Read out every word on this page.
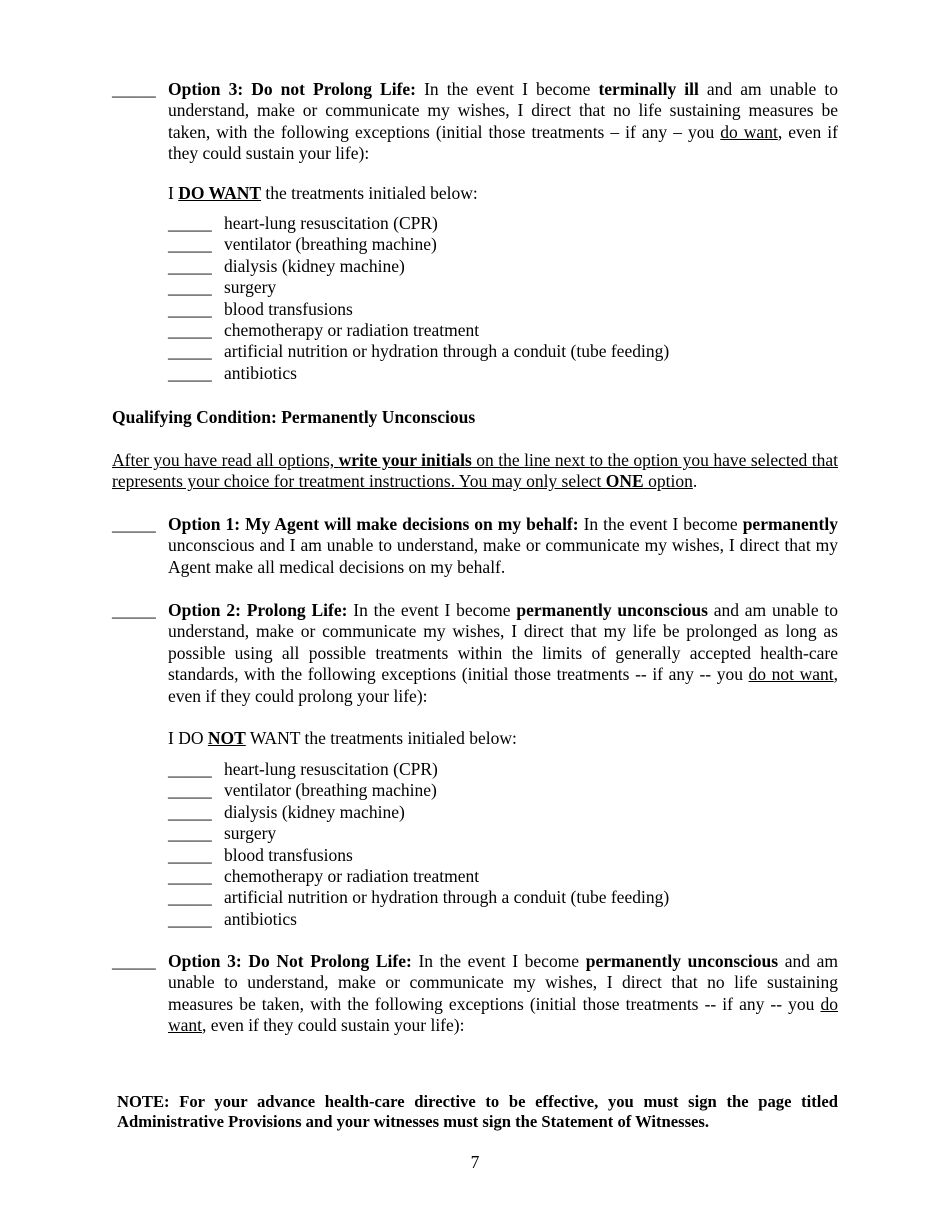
_____ Option 3: Do not Prolong Life: In the event I become terminally ill and am unable to understand, make or communicate my wishes, I direct that no life sustaining measures be taken, with the following exceptions (initial those treatments – if any – you do want, even if they could sustain your life):
I DO WANT the treatments initialed below:
_____ heart-lung resuscitation (CPR)
_____ ventilator (breathing machine)
_____ dialysis (kidney machine)
_____ surgery
_____ blood transfusions
_____ chemotherapy or radiation treatment
_____ artificial nutrition or hydration through a conduit (tube feeding)
_____ antibiotics
Qualifying Condition: Permanently Unconscious
After you have read all options, write your initials on the line next to the option you have selected that represents your choice for treatment instructions. You may only select ONE option.
_____ Option 1: My Agent will make decisions on my behalf: In the event I become permanently unconscious and I am unable to understand, make or communicate my wishes, I direct that my Agent make all medical decisions on my behalf.
_____ Option 2: Prolong Life: In the event I become permanently unconscious and am unable to understand, make or communicate my wishes, I direct that my life be prolonged as long as possible using all possible treatments within the limits of generally accepted health-care standards, with the following exceptions (initial those treatments -- if any -- you do not want, even if they could prolong your life):
I DO NOT WANT the treatments initialed below:
_____ heart-lung resuscitation (CPR)
_____ ventilator (breathing machine)
_____ dialysis (kidney machine)
_____ surgery
_____ blood transfusions
_____ chemotherapy or radiation treatment
_____ artificial nutrition or hydration through a conduit (tube feeding)
_____ antibiotics
_____ Option 3: Do Not Prolong Life: In the event I become permanently unconscious and am unable to understand, make or communicate my wishes, I direct that no life sustaining measures be taken, with the following exceptions (initial those treatments -- if any -- you do want, even if they could sustain your life):
NOTE: For your advance health-care directive to be effective, you must sign the page titled Administrative Provisions and your witnesses must sign the Statement of Witnesses.
7
